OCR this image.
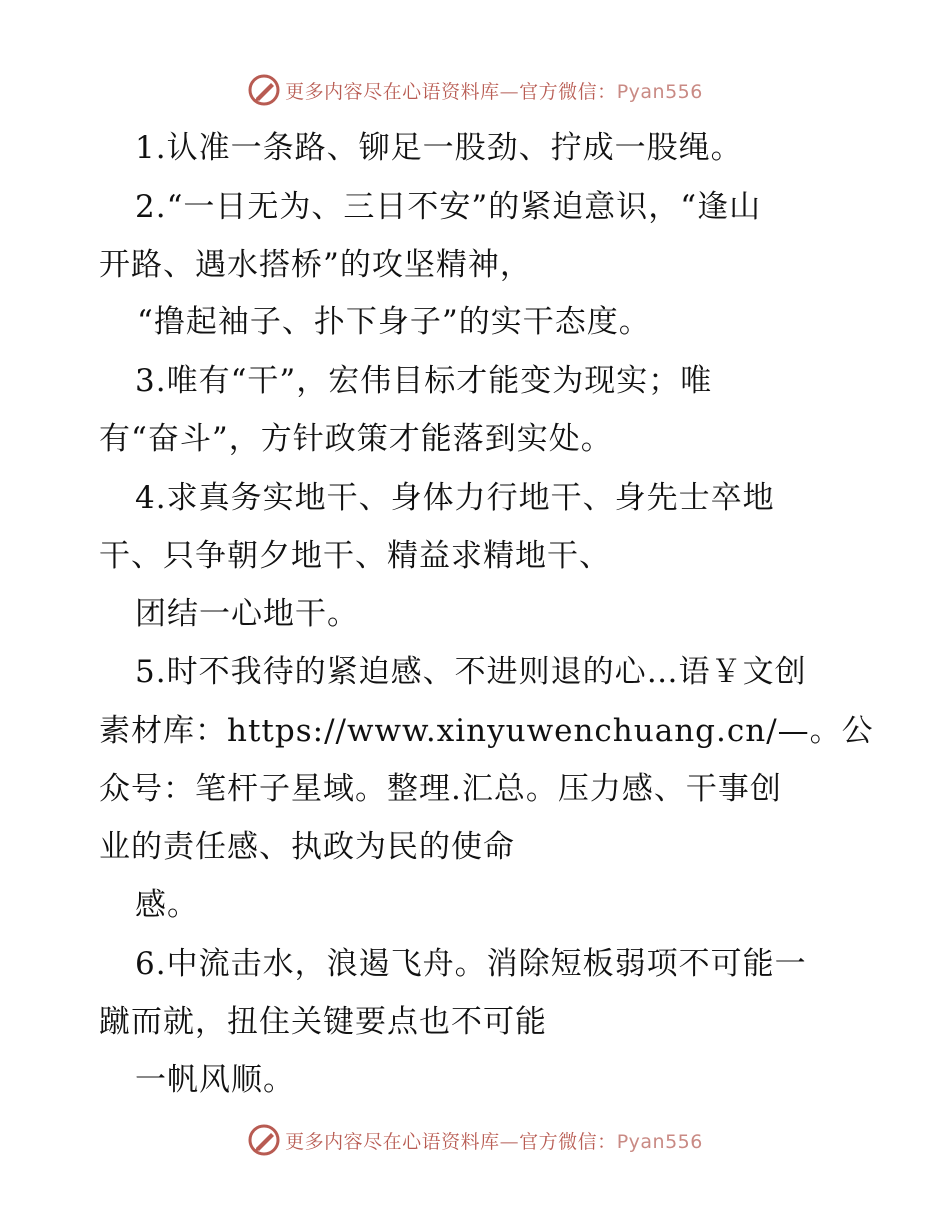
更多内容尽在心语资料库—官方微信：Pyan556
1.认准一条路、铆足一股劲、拧成一股绳。
2.“一日无为、三日不安”的紧迫意识，“逢山
开路、遇水搭桥”的攻坚精神，
“撸起袖子、扑下身子”的实干态度。
3.唯有“干”，宏伟目标才能变为现实；唯
有“奋斗”，方针政策才能落到实处。
4.求真务实地干、身体力行地干、身先士卒地
干、只争朝夕地干、精益求精地干、
团结一心地干。
5.时不我待的紧迫感、不进则退的心…语￥文创
素材库：https://www.xinyuwenchuang.cn/—。公
众号：笔杆子星域。整理.汇总。压力感、干事创
业的责任感、执政为民的使命
感。
6.中流击水，浪遏飞舟。消除短板弱项不可能一
蹴而就，扭住关键要点也不可能
一帆风顺。
更多内容尽在心语资料库—官方微信：Pyan556
